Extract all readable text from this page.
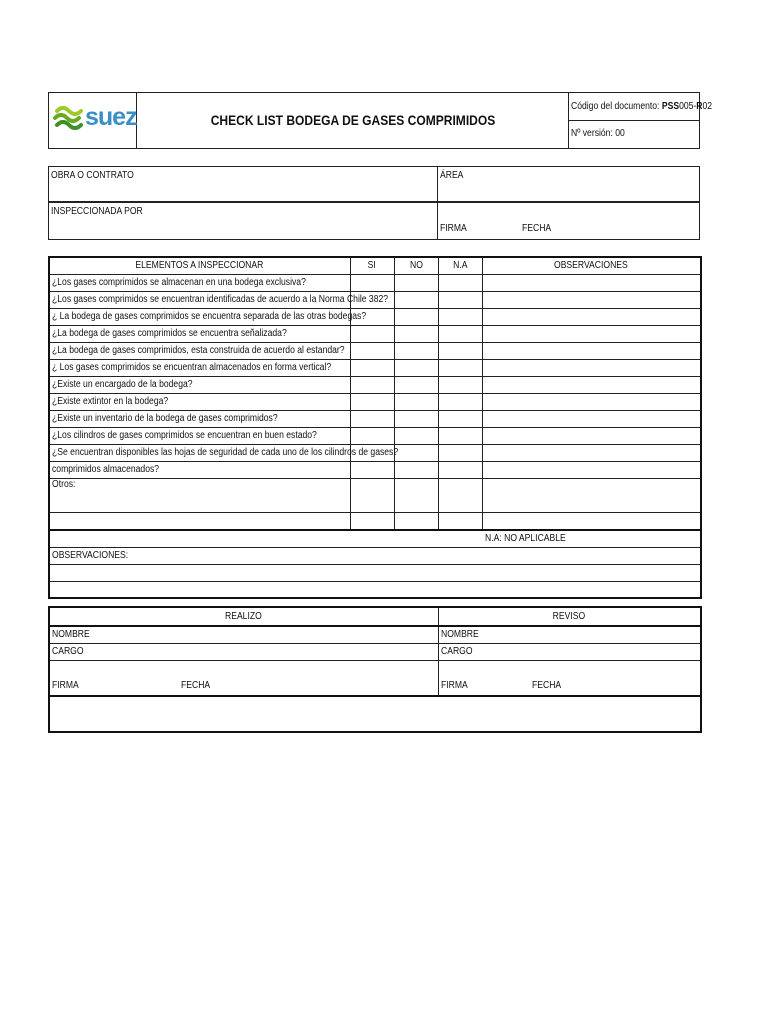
suez	CHECK LIST BODEGA DE GASES COMPRIMIDOS
Código del documento: PSS005-R02
Nº versión: 00
OBRA O CONTRATO	ÁREA
INSPECCIONADA POR
FIRMA	FECHA
ELEMENTOS A INSPECCIONAR	SI	NO	N.A	OBSERVACIONES
¿Los gases comprimidos se almacenan en una bodega exclusiva?				
¿Los gases comprimidos se encuentran identificadas de acuerdo a la Norma Chile 382?				
¿ La bodega de gases comprimidos se encuentra separada de las otras bodegas?				
¿La bodega de gases comprimidos se encuentra señalizada?				
¿La bodega de gases comprimidos, esta construida de acuerdo al estandar?				
¿ Los gases comprimidos se encuentran almacenados en forma vertical?				
¿Existe un encargado de la bodega?				
¿Existe extintor en la bodega?				
¿Existe un inventario de la bodega de gases comprimidos?				
¿Los cilindros de gases comprimidos se encuentran en buen estado?				
¿Se encuentran disponibles las hojas de seguridad de cada uno de los cilindros de gases?				
comprimidos almacenados?				
Otros:				

N.A: NO APLICABLE				
OBSERVACIONES:				

REALIZO	REVISO
NOMBRE	NOMBRE
CARGO	CARGO
FIRMA FECHA	FIRMA FECHA
